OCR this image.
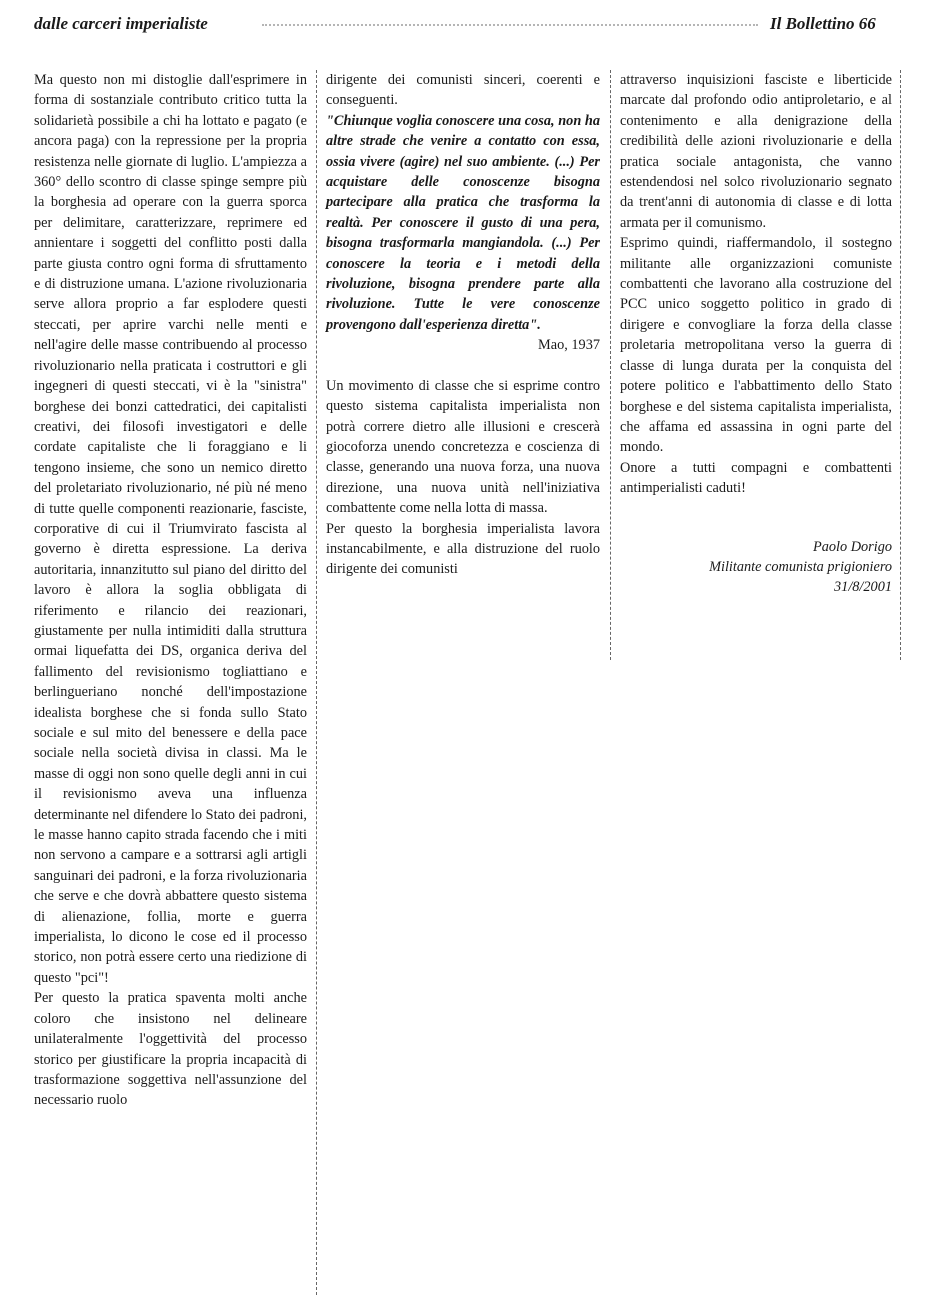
dalle carceri imperialiste	Il Bollettino 66

Ma questo non mi distoglie dall'esprimere in forma di sostanziale contributo critico tutta la solidarietà possibile a chi ha lottato e pagato (e ancora paga) con la repressione per la propria resistenza nelle giornate di luglio. L'ampiezza a 360° dello scontro di classe spinge sempre più la borghesia ad operare con la guerra sporca per delimitare, caratterizzare, reprimere ed annientare i soggetti del conflitto posti dalla parte giusta contro ogni forma di sfruttamento e di distruzione umana. L'azione rivoluzionaria serve allora proprio a far esplodere questi steccati, per aprire varchi nelle menti e nell'agire delle masse contribuendo al processo rivoluzionario nella praticata i costruttori e gli ingegneri di questi steccati, vi è la "sinistra" borghese dei bonzi cattedratici, dei capitalisti creativi, dei filosofi investigatori e delle cordate capitaliste che li foraggiano e li tengono insieme, che sono un nemico diretto del proletariato rivoluzionario, né più né meno di tutte quelle componenti reazionarie, fasciste, corporative di cui il Triumvirato fascista al governo è diretta espressione. La deriva autoritaria, innanzitutto sul piano del diritto del lavoro è allora la soglia obbligata di riferimento e rilancio dei reazionari, giustamente per nulla intimiditi dalla struttura ormai liquefatta dei DS, organica deriva del fallimento del revisionismo togliattiano e berlingueriano nonché dell'impostazione idealista borghese che si fonda sullo Stato sociale e sul mito del benessere e della pace sociale nella società divisa in classi. Ma le masse di oggi non sono quelle degli anni in cui il revisionismo aveva una influenza determinante nel difendere lo Stato dei padroni, le masse hanno capito strada facendo che i miti non servono a campare e a sottrarsi agli artigli sanguinari dei padroni, e la forza rivoluzionaria che serve e che dovrà abbattere questo sistema di alienazione, follia, morte e guerra imperialista, lo dicono le cose ed il processo storico, non potrà essere certo una riedizione di questo "pci"!

Per questo la pratica spaventa molti anche coloro che insistono nel delineare unilateralmente l'oggettività del processo storico per giustificare la propria incapacità di trasformazione soggettiva nell'assunzione del necessario ruolo

dirigente dei comunisti sinceri, coerenti e conseguenti.

"Chiunque voglia conoscere una cosa, non ha altre strade che venire a contatto con essa, ossia vivere (agire) nel suo ambiente. (...) Per acquistare delle conoscenze bisogna partecipare alla pratica che trasforma la realtà. Per conoscere il gusto di una pera, bisogna trasformarla mangiandola. (...) Per conoscere la teoria e i metodi della rivoluzione, bisogna prendere parte alla rivoluzione. Tutte le vere conoscenze provengono dall'esperienza diretta".

Mao, 1937

Un movimento di classe che si esprime contro questo sistema capitalista imperialista non potrà correre dietro alle illusioni e crescerà giocoforza unendo concretezza e coscienza di classe, generando una nuova forza, una nuova direzione, una nuova unità nell'iniziativa combattente come nella lotta di massa.

Per questo la borghesia imperialista lavora instancabilmente, e alla distruzione del ruolo dirigente dei comunisti

attraverso inquisizioni fasciste e liberticide marcate dal profondo odio antiproletario, e al contenimento e alla denigrazione della credibilità delle azioni rivoluzionarie e della pratica sociale antagonista, che vanno estendendosi nel solco rivoluzionario segnato da trent'anni di autonomia di classe e di lotta armata per il comunismo.

Esprimo quindi, riaffermandolo, il sostegno militante alle organizzazioni comuniste combattenti che lavorano alla costruzione del PCC unico soggetto politico in grado di dirigere e convogliare la forza della classe proletaria metropolitana verso la guerra di classe di lunga durata per la conquista del potere politico e l'abbattimento dello Stato borghese e del sistema capitalista imperialista, che affama ed assassina in ogni parte del mondo.

Onore a tutti compagni e combattenti antimperialisti caduti!

Paolo Dorigo

Militante comunista prigioniero

31/8/2001
